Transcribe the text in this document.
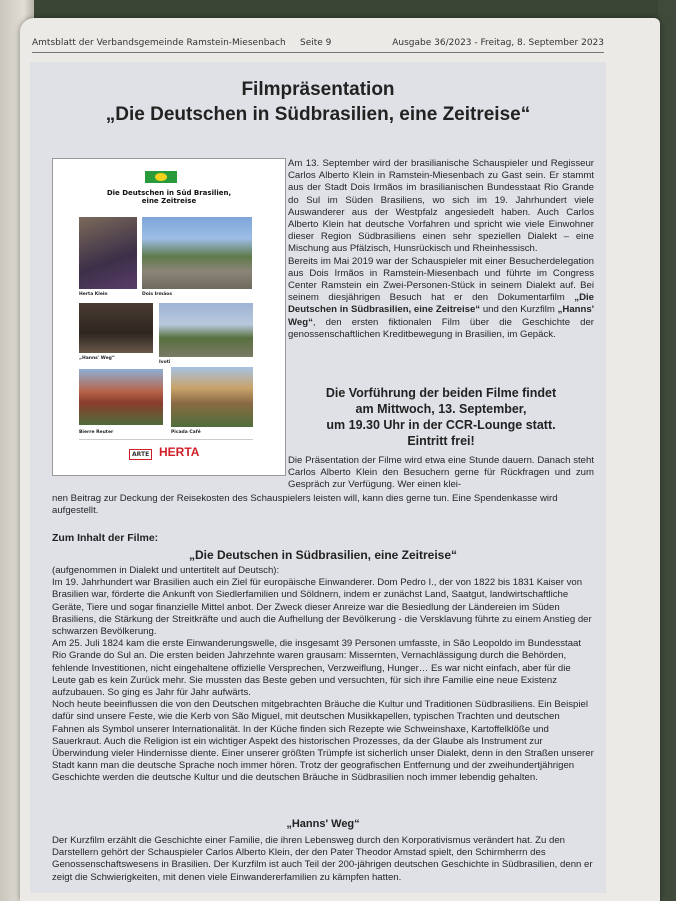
Amtsblatt der Verbandsgemeinde Ramstein-Miesenbach Seite 9	Ausgabe 36/2023 - Freitag, 8. September 2023
Filmpräsentation
„Die Deutschen in Südbrasilien, eine Zeitreise“
Die Deutschen in Süd Brasilien,
eine Zeitreise
Herta Klein	Dois Irmãos
„Hanns' Weg“
Ivoti
Bierre Reuter	Picada Café
ARTE HERTA

Am 13. September wird der brasilianische Schauspieler und Regisseur Carlos Alberto Klein in Ramstein-Miesenbach zu Gast sein. Er stammt aus der Stadt Dois Irmãos im brasilianischen Bundesstaat Rio Grande do Sul im Süden Brasiliens, wo sich im 19. Jahrhundert viele Auswanderer aus der Westpfalz angesiedelt haben. Auch Carlos Alberto Klein hat deutsche Vorfahren und spricht wie viele Einwohner dieser Region Südbrasiliens einen sehr speziellen Dialekt – eine Mischung aus Pfälzisch, Hunsrückisch und Rheinhessisch.

Bereits im Mai 2019 war der Schauspieler mit einer Besucherdelegation aus Dois Irmãos in Ramstein-Miesenbach und führte im Congress Center Ramstein ein Zwei-Personen-Stück in seinem Dialekt auf. Bei seinem diesjährigen Besuch hat er den Dokumentarfilm „Die Deutschen in Südbrasilien, eine Zeitreise“ und den Kurzfilm „Hanns' Weg“, den ersten fiktionalen Film über die Geschichte der genossenschaftlichen Kreditbewegung in Brasilien, im Gepäck.

Die Vorführung der beiden Filme findet
am Mittwoch, 13. September,
um 19.30 Uhr in der CCR-Lounge statt.
Eintritt frei!
Die Präsentation der Filme wird etwa eine Stunde dauern. Danach steht Carlos Alberto Klein den Besuchern gerne für Rückfragen und zum Gespräch zur Verfügung. Wer einen klei-
nen Beitrag zur Deckung der Reisekosten des Schauspielers leisten will, kann dies gerne tun. Eine Spendenkasse wird aufgestellt.
Zum Inhalt der Filme:
„Die Deutschen in Südbrasilien, eine Zeitreise“

(aufgenommen in Dialekt und untertitelt auf Deutsch):

Im 19. Jahrhundert war Brasilien auch ein Ziel für europäische Einwanderer. Dom Pedro I., der von 1822 bis 1831 Kaiser von Brasilien war, förderte die Ankunft von Siedlerfamilien und Söldnern, indem er zunächst Land, Saatgut, landwirtschaftliche Geräte, Tiere und sogar finanzielle Mittel anbot. Der Zweck dieser Anreize war die Besiedlung der Ländereien im Süden Brasiliens, die Stärkung der Streitkräfte und auch die Aufhellung der Bevölkerung - die Versklavung führte zu einem Anstieg der schwarzen Bevölkerung.

Am 25. Juli 1824 kam die erste Einwanderungswelle, die insgesamt 39 Personen umfasste, in São Leopoldo im Bundesstaat Rio Grande do Sul an. Die ersten beiden Jahrzehnte waren grausam: Missernten, Vernachlässigung durch die Behörden, fehlende Investitionen, nicht eingehaltene offizielle Versprechen, Verzweiflung, Hunger… Es war nicht einfach, aber für die Leute gab es kein Zurück mehr. Sie mussten das Beste geben und versuchten, für sich ihre Familie eine neue Existenz aufzubauen. So ging es Jahr für Jahr aufwärts.

Noch heute beeinflussen die von den Deutschen mitgebrachten Bräuche die Kultur und Traditionen Südbrasiliens. Ein Beispiel dafür sind unsere Feste, wie die Kerb von São Miguel, mit deutschen Musikkapellen, typischen Trachten und deutschen Fahnen als Symbol unserer Internationalität. In der Küche finden sich Rezepte wie Schweinshaxe, Kartoffelklöße und Sauerkraut. Auch die Religion ist ein wichtiger Aspekt des historischen Prozesses, da der Glaube als Instrument zur Überwindung vieler Hindernisse diente. Einer unserer größten Trümpfe ist sicherlich unser Dialekt, denn in den Straßen unserer Stadt kann man die deutsche Sprache noch immer hören. Trotz der geografischen Entfernung und der zweihundertjährigen Geschichte werden die deutsche Kultur und die deutschen Bräuche in Südbrasilien noch immer lebendig gehalten.

„Hanns' Weg“

Der Kurzfilm erzählt die Geschichte einer Familie, die ihren Lebensweg durch den Korporativismus verändert hat. Zu den Darstellern gehört der Schauspieler Carlos Alberto Klein, der den Pater Theodor Amstad spielt, den Schirmherrn des Genossenschaftswesens in Brasilien. Der Kurzfilm ist auch Teil der 200-jährigen deutschen Geschichte in Südbrasilien, denn er zeigt die Schwierigkeiten, mit denen viele Einwandererfamilien zu kämpfen hatten.
